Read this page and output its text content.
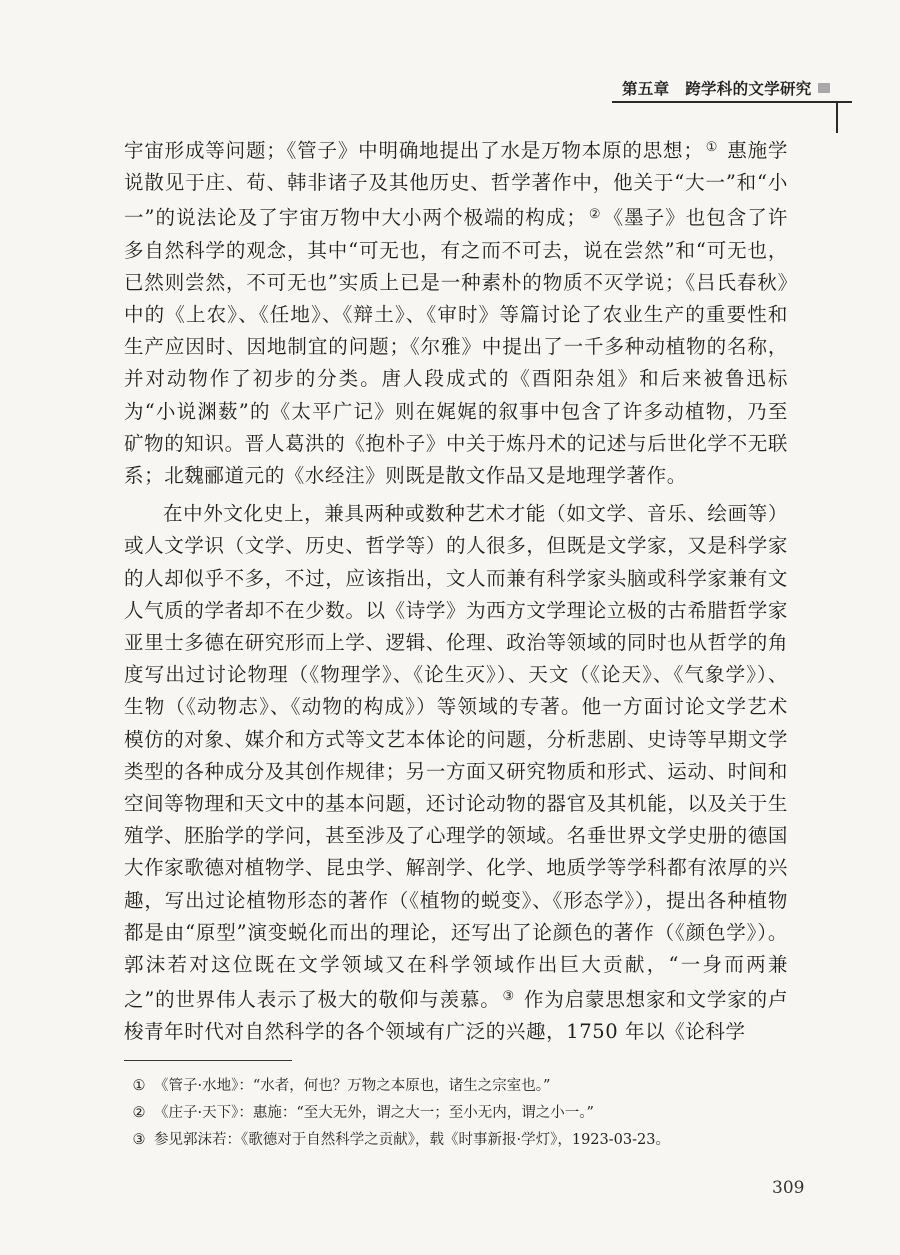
第五章　跨学科的文学研究

宇宙形成等问题；《管子》中明确地提出了水是万物本原的思想； ① 惠施学说散见于庄、荀、韩非诸子及其他历史、哲学著作中，他关于“大一”和“小一”的说法论及了宇宙万物中大小两个极端的构成； ② 《墨子》也包含了许多自然科学的观念，其中“可无也，有之而不可去，说在尝然”和“可无也，已然则尝然，不可无也”实质上已是一种素朴的物质不灭学说；《吕氏春秋》中的《上农》、《任地》、《辩土》、《审时》等篇讨论了农业生产的重要性和生产应因时、因地制宜的问题；《尔雅》中提出了一千多种动植物的名称，并对动物作了初步的分类。唐人段成式的《酉阳杂俎》和后来被鲁迅标为“小说渊薮”的《太平广记》则在娓娓的叙事中包含了许多动植物，乃至矿物的知识。晋人葛洪的《抱朴子》中关于炼丹术的记述与后世化学不无联系；北魏郦道元的《水经注》则既是散文作品又是地理学著作。

在中外文化史上，兼具两种或数种艺术才能（如文学、音乐、绘画等）或人文学识（文学、历史、哲学等）的人很多，但既是文学家，又是科学家的人却似乎不多，不过，应该指出，文人而兼有科学家头脑或科学家兼有文人气质的学者却不在少数。以《诗学》为西方文学理论立极的古希腊哲学家亚里士多德在研究形而上学、逻辑、伦理、政治等领域的同时也从哲学的角度写出过讨论物理（《物理学》、《论生灭》）、天文（《论天》、《气象学》）、生物（《动物志》、《动物的构成》）等领域的专著。他一方面讨论文学艺术模仿的对象、媒介和方式等文艺本体论的问题，分析悲剧、史诗等早期文学类型的各种成分及其创作规律；另一方面又研究物质和形式、运动、时间和空间等物理和天文中的基本问题，还讨论动物的器官及其机能，以及关于生殖学、胚胎学的学问，甚至涉及了心理学的领域。名垂世界文学史册的德国大作家歌德对植物学、昆虫学、解剖学、化学、地质学等学科都有浓厚的兴趣，写出过论植物形态的著作（《植物的蜕变》、《形态学》），提出各种植物都是由“原型”演变蜕化而出的理论，还写出了论颜色的著作（《颜色学》）。郭沫若对这位既在文学领域又在科学领域作出巨大贡献，“一身而两兼之”的世界伟人表示了极大的敬仰与羡慕。 ③ 作为启蒙思想家和文学家的卢梭青年时代对自然科学的各个领域有广泛的兴趣，1750 年以《论科学

① 《管子·水地》：“水者，何也？万物之本原也，诸生之宗室也。”
② 《庄子·天下》：惠施：“至大无外，谓之大一；至小无内，谓之小一。”
③ 参见郭沫若：《歌德对于自然科学之贡献》，载《时事新报·学灯》，1923-03-23。
309
